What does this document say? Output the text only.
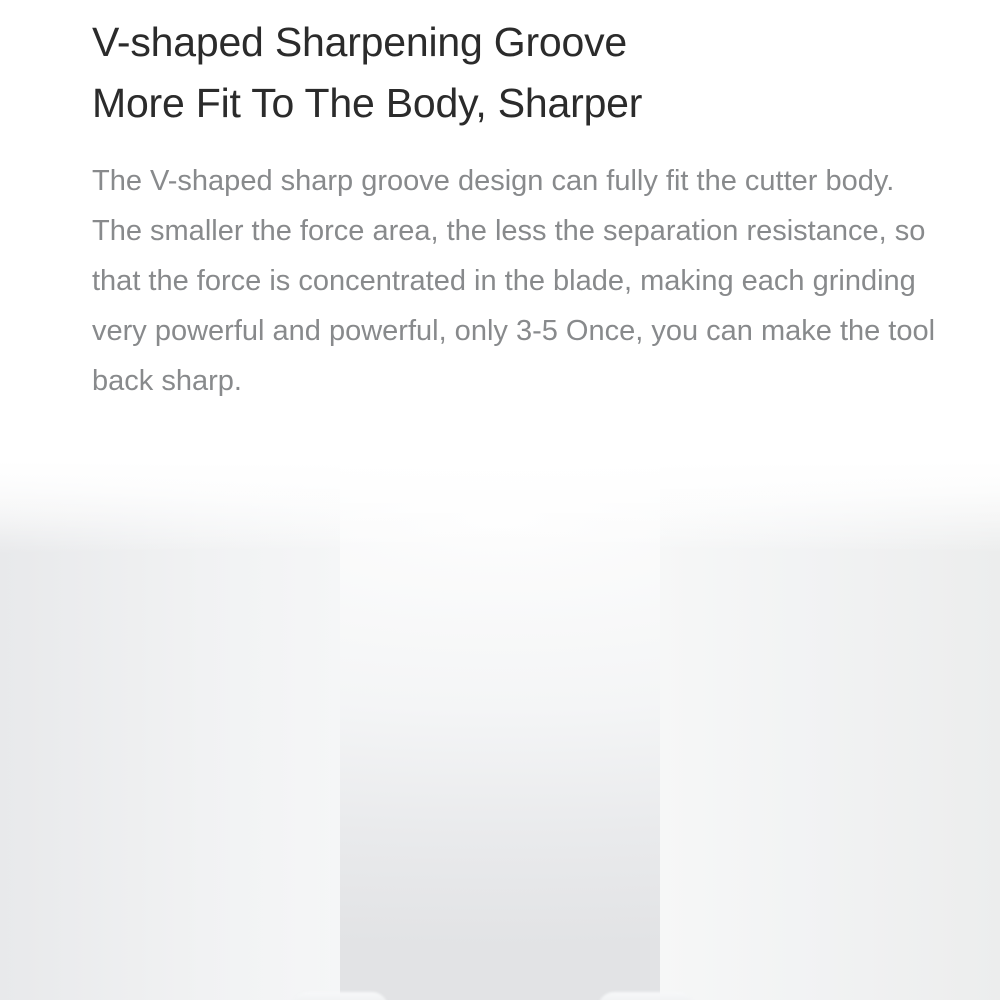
V-shaped Sharpening Groove
More Fit To The Body, Sharper

The V-shaped sharp groove design can fully fit the cutter body. The smaller the force area, the less the separation resistance, so that the force is concentrated in the blade, making each grinding very powerful and powerful, only 3-5 Once, you can make the tool back sharp.
